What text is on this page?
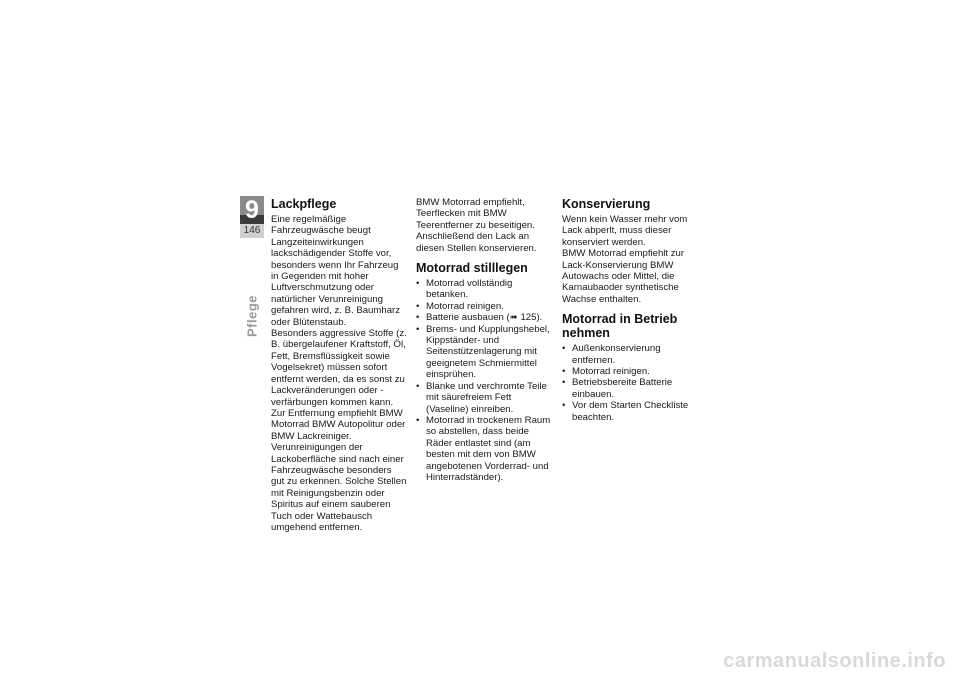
9
146
Pflege
Lackpflege

Eine regelmäßige Fahrzeugwäsche beugt Langzeiteinwirkungen lackschädigender Stoffe vor, besonders wenn Ihr Fahrzeug in Gegenden mit hoher Luftverschmutzung oder natürlicher Verunreinigung gefahren wird, z. B. Baumharz oder Blütenstaub.

Besonders aggressive Stoffe (z. B. übergelaufener Kraftstoff, Öl, Fett, Bremsflüssigkeit sowie Vogelsekret) müssen sofort entfernt werden, da es sonst zu Lackveränderungen oder -verfärbungen kommen kann. Zur Entfernung empfiehlt BMW Motorrad BMW Autopolitur oder BMW Lackreiniger.

Verunreinigungen der Lackoberfläche sind nach einer Fahrzeugwäsche besonders gut zu erkennen. Solche Stellen mit Reinigungsbenzin oder Spiritus auf einem sauberen Tuch oder Wattebausch umgehend entfernen.

BMW Motorrad empfiehlt, Teerflecken mit BMW Teerentferner zu beseitigen. Anschließend den Lack an diesen Stellen konservieren.

Motorrad stilllegen
• Motorrad vollständig betanken.
• Motorrad reinigen.
• Batterie ausbauen (➠ 125).
• Brems- und Kupplungshebel, Kippständer- und Seitenstützenlagerung mit geeignetem Schmiermittel einsprühen.
• Blanke und verchromte Teile mit säurefreiem Fett (Vaseline) einreiben.
• Motorrad in trockenem Raum so abstellen, dass beide Räder entlastet sind (am besten mit dem von BMW angebotenen Vorderrad- und Hinterradständer).
Konservierung

Wenn kein Wasser mehr vom Lack abperlt, muss dieser konserviert werden.

BMW Motorrad empfiehlt zur Lack-Konservierung BMW Autowachs oder Mittel, die Karnaubaoder synthetische Wachse enthalten.

Motorrad in Betrieb nehmen
• Außenkonservierung entfernen.
• Motorrad reinigen.
• Betriebsbereite Batterie einbauen.
• Vor dem Starten Checkliste beachten.
carmanualsonline.info
